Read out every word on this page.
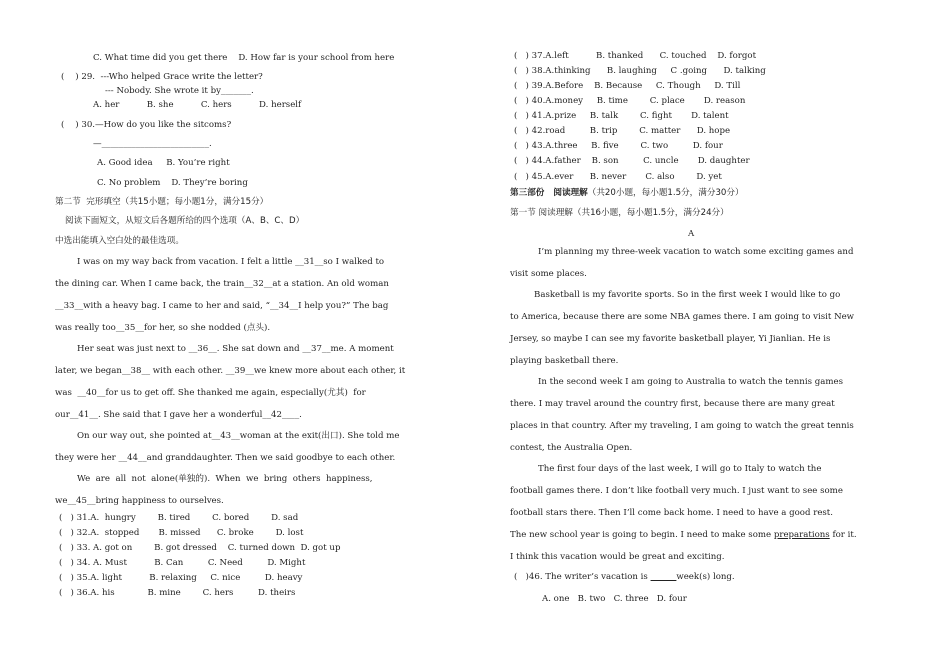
C. What time did you get there    D. How far is your school from here
(    ) 29.  ---Who helped Grace write the letter?
--- Nobody. She wrote it by_______.
A. her          B. she          C. hers          D. herself
(    ) 30.—How do you like the sitcoms?
—_________________________.
A. Good idea     B. You’re right
C. No problem    D. They’re boring
第二节  完形填空（共15小题；每小题1分，满分15分）
阅读下面短文，从短文后各题所给的四个选项（A、B、C、D）
中选出能填入空白处的最佳选项。
I was on my way back from vacation. I felt a little __31__so I walked to
the dining car. When I came back, the train__32__at a station. An old woman
__33__with a heavy bag. I came to her and said, “__34__I help you?” The bag
was really too__35__for her, so she nodded (点头).
Her seat was just next to __36__. She sat down and __37__me. A moment
later, we began__38__ with each other. __39__we knew more about each other, it
was  __40__for us to get off. She thanked me again, especially(尤其)  for
our__41__. She said that I gave her a wonderful__42____.
On our way out, she pointed at__43__woman at the exit(出口). She told me
they were her __44__and granddaughter. Then we said goodbye to each other.
We  are  all  not  alone(单独的).  When  we  bring  others  happiness,
we__45__bring happiness to ourselves.
(   ) 31.A.  hungry        B. tired        C. bored        D. sad
(   ) 32.A.  stopped       B. missed      C. broke        D. lost
(   ) 33. A. got on        B. got dressed    C. turned down  D. got up
(   ) 34. A. Must          B. Can         C. Need         D. Might
(   ) 35.A. light          B. relaxing     C. nice         D. heavy
(   ) 36.A. his            B. mine        C. hers         D. theirs
(   ) 37.A.left          B. thanked      C. touched    D. forgot
(   ) 38.A.thinking      B. laughing     C .going      D. talking
(   ) 39.A.Before    B. Because     C. Though     D. Till
(   ) 40.A.money     B. time        C. place       D. reason
(   ) 41.A.prize     B. talk        C. fight       D. talent
(   ) 42.road         B. trip        C. matter      D. hope
(   ) 43.A.three     B. five        C. two         D. four
(   ) 44.A.father    B. son         C. uncle       D. daughter
(   ) 45.A.ever      B. never       C. also        D. yet
第三部份   阅读理解（共20小题，每小题1.5分，满分30分）
第一节 阅读理解（共16小题，每小题1.5分，满分24分）
A
I’m planning my three-week vacation to watch some exciting games and
visit some places.
Basketball is my favorite sports. So in the first week I would like to go
to America, because there are some NBA games there. I am going to visit New
Jersey, so maybe I can see my favorite basketball player, Yi Jianlian. He is
playing basketball there.
In the second week I am going to Australia to watch the tennis games
there. I may travel around the country first, because there are many great
places in that country. After my traveling, I am going to watch the great tennis
contest, the Australia Open.
The first four days of the last week, I will go to Italy to watch the
football games there. I don’t like football very much. I just want to see some
football stars there. Then I’ll come back home. I need to have a good rest.
The new school year is going to begin. I need to make some preparations for it.
I think this vacation would be great and exciting.
(   )46. The writer’s vacation is ______week(s) long.
A. one   B. two   C. three   D. four
